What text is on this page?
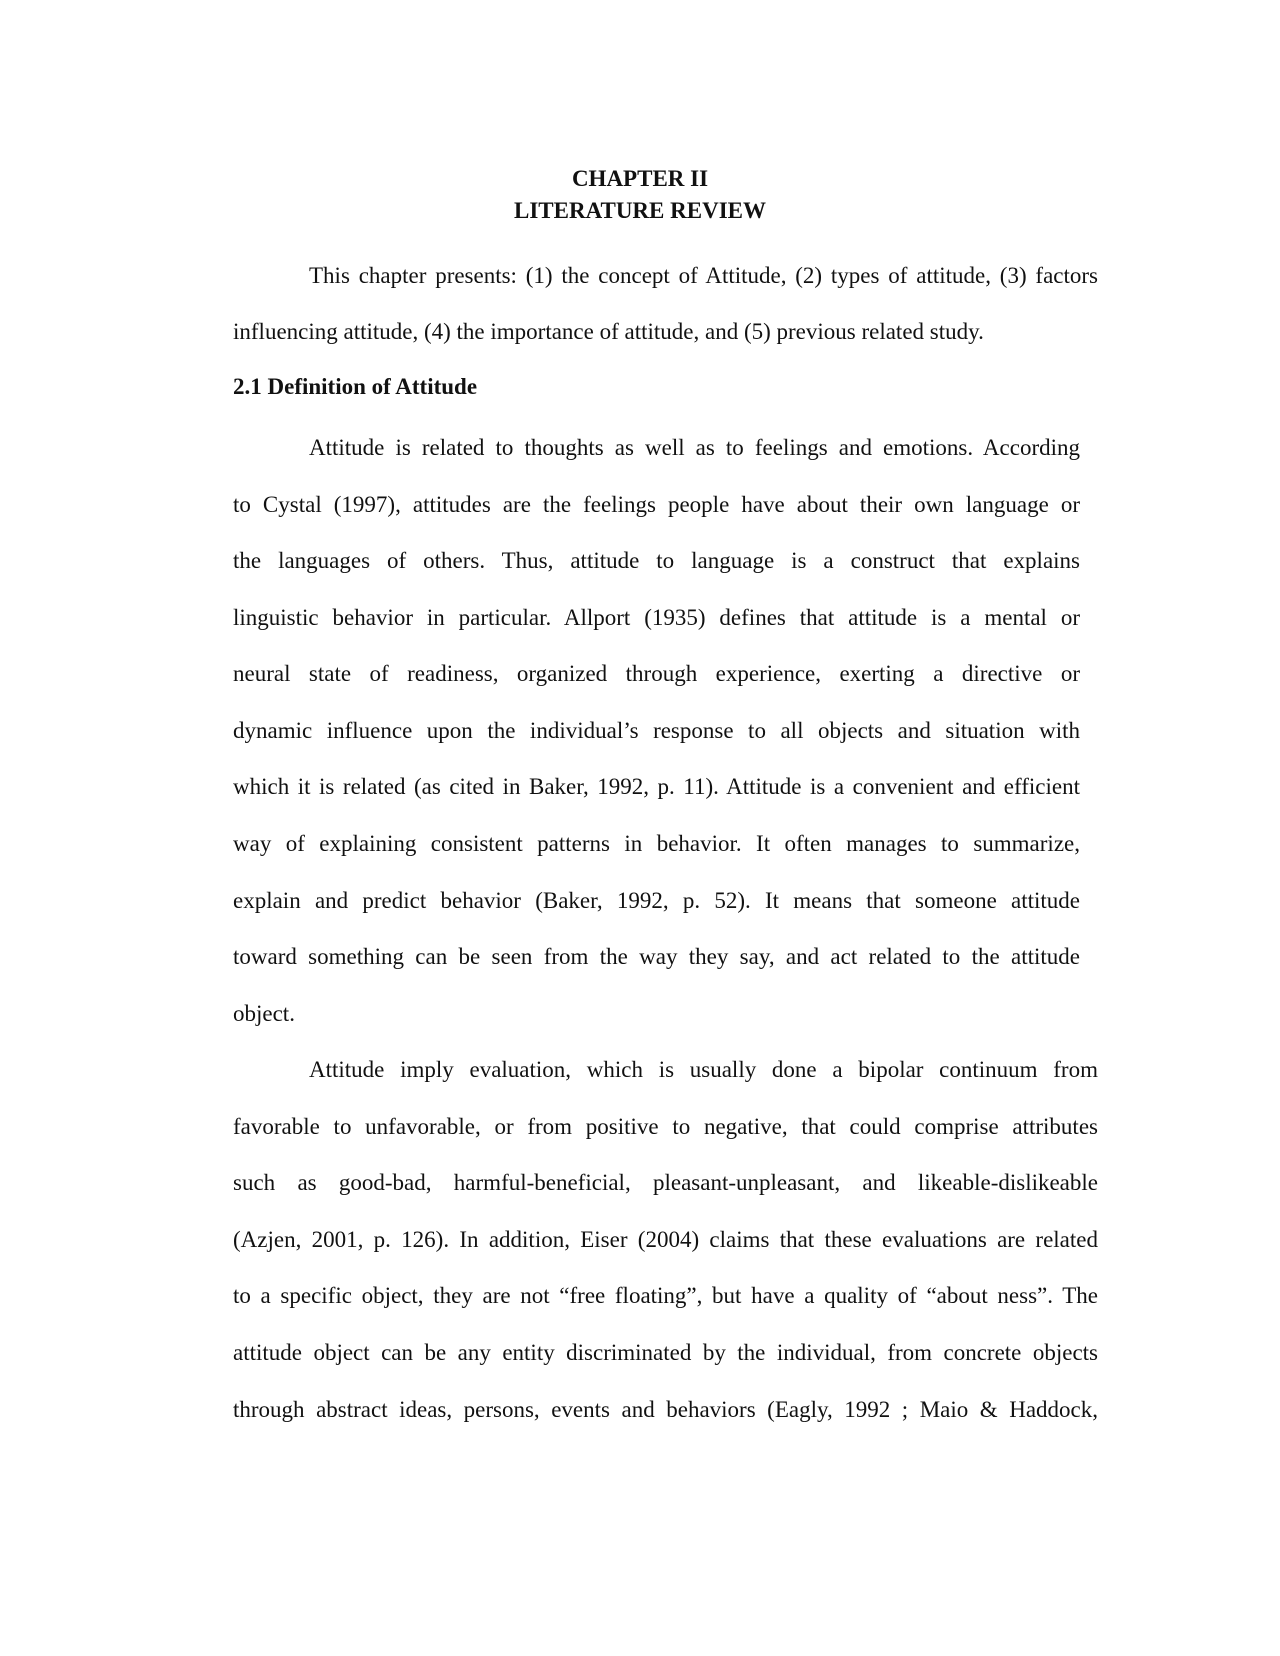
CHAPTER II
LITERATURE REVIEW
This chapter presents: (1) the concept of Attitude, (2) types of attitude, (3) factors
influencing attitude, (4) the importance of attitude, and (5) previous related study.
2.1 Definition of Attitude
Attitude is related to thoughts as well as to feelings and emotions. According
to Cystal (1997), attitudes are the feelings people have about their own language or
the languages of others. Thus, attitude to language is a construct that explains
linguistic behavior in particular. Allport (1935) defines that attitude is a mental or
neural state of readiness, organized through experience, exerting a directive or
dynamic influence upon the individual’s response to all objects and situation with
which it is related (as cited in Baker, 1992, p. 11). Attitude is a convenient and efficient
way of explaining consistent patterns in behavior. It often manages to summarize,
explain and predict behavior (Baker, 1992, p. 52). It means that someone attitude
toward something can be seen from the way they say, and act related to the attitude
object.
Attitude imply evaluation, which is usually done a bipolar continuum from
favorable to unfavorable, or from positive to negative, that could comprise attributes
such as good-bad, harmful-beneficial, pleasant-unpleasant, and likeable-dislikeable
(Azjen, 2001, p. 126). In addition, Eiser (2004) claims that these evaluations are related
to a specific object, they are not “free floating”, but have a quality of “about ness”. The
attitude object can be any entity discriminated by the individual, from concrete objects
through abstract ideas, persons, events and behaviors (Eagly, 1992 ; Maio & Haddock,
